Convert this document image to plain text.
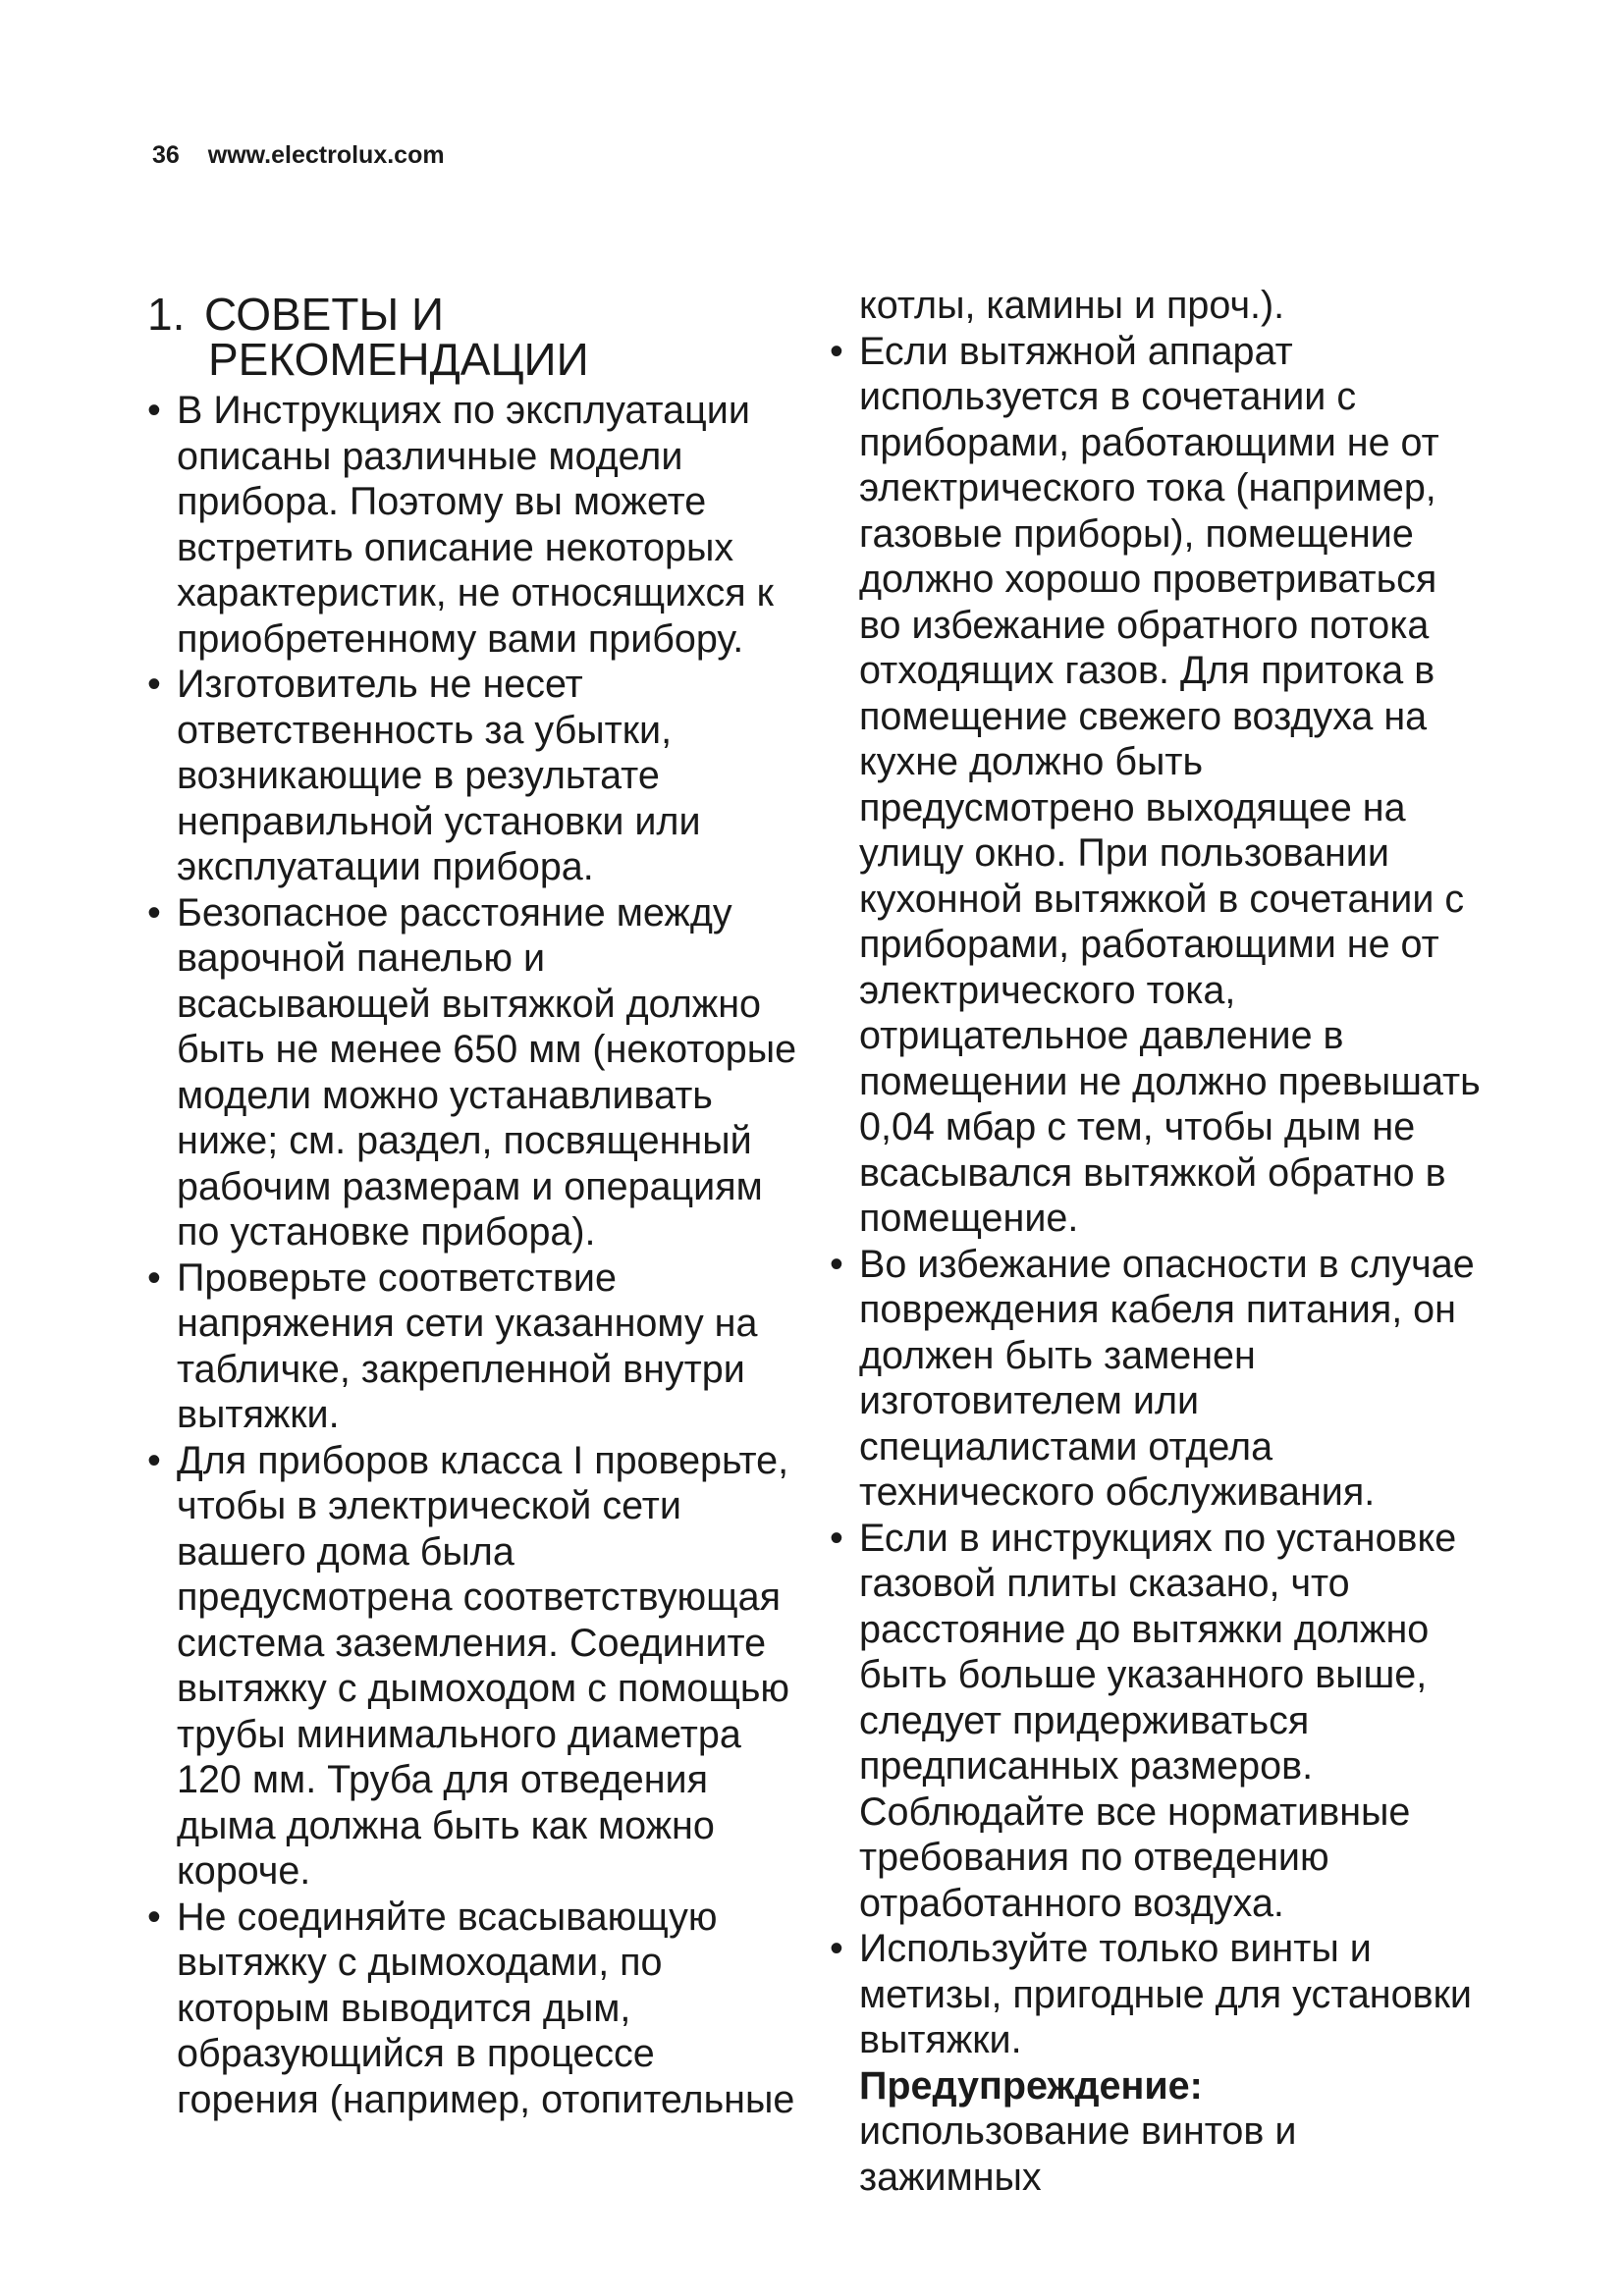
36 www.electrolux.com
1. СОВЕТЫ И
РЕКОМЕНДАЦИИ
• В Инструкциях по эксплуатации описаны различные модели прибора. Поэтому вы можете встретить описание некоторых характеристик, не относящихся к приобретенному вами прибору.

• Изготовитель не несет ответственность за убытки, возникающие в результате неправильной установки или эксплуатации прибора.

• Безопасное расстояние между варочной панелью и всасывающей вытяжкой должно быть не менее 650 мм (некоторые модели можно устанавливать ниже; см. раздел, посвященный рабочим размерам и операциям по установке прибора).

• Проверьте соответствие напряжения сети указанному на табличке, закрепленной внутри вытяжки.

• Для приборов класса I проверьте, чтобы в электрической сети вашего дома была предусмотрена соответствующая система заземления. Соедините вытяжку с дымоходом с помощью трубы минимального диаметра 120 мм. Труба для отведения дыма должна быть как можно короче.

• Не соединяйте всасывающую вытяжку с дымоходами, по которым выводится дым, образующийся в процессе горения (например, отопительные

котлы, камины и проч.).

• Если вытяжной аппарат используется в сочетании с приборами, работающими не от электрического тока (например, газовые приборы), помещение должно хорошо проветриваться во избежание обратного потока отходящих газов. Для притока в помещение свежего воздуха на кухне должно быть предусмотрено выходящее на улицу окно. При пользовании кухонной вытяжкой в сочетании с приборами, работающими не от электрического тока, отрицательное давление в помещении не должно превышать 0,04 мбар с тем, чтобы дым не всасывался вытяжкой обратно в помещение.

• Во избежание опасности в случае повреждения кабеля питания, он должен быть заменен изготовителем или специалистами отдела технического обслуживания.

• Если в инструкциях по установке газовой плиты сказано, что расстояние до вытяжки должно быть больше указанного выше, следует придерживаться предписанных размеров. Соблюдайте все нормативные требования по отведению отработанного воздуха.

• Используйте только винты и метизы, пригодные для установки вытяжки.

Предупреждение: использование винтов и зажимных
